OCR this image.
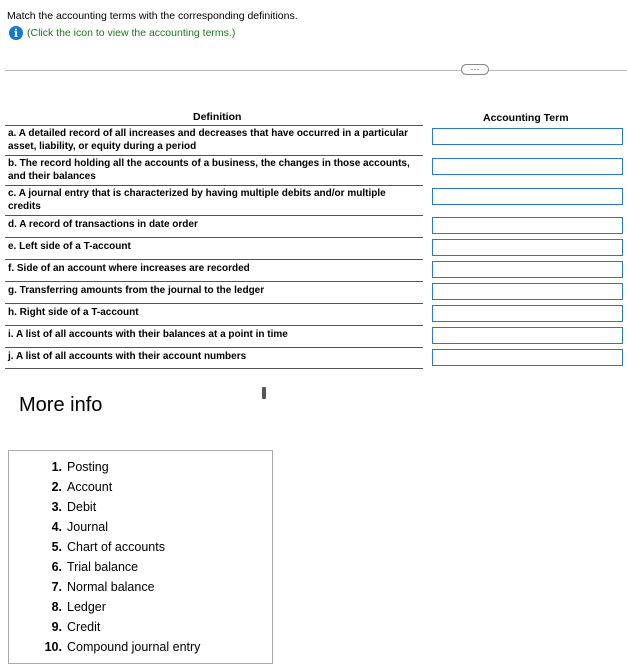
Match the accounting terms with the corresponding definitions.
i (Click the icon to view the accounting terms.)
···
Definition	Accounting Term
a. A detailed record of all increases and decreases that have occurred in a particular asset, liability, or equity during a period
b. The record holding all the accounts of a business, the changes in those accounts, and their balances
c. A journal entry that is characterized by having multiple debits and/or multiple credits
d. A record of transactions in date order
e. Left side of a T-account
f. Side of an account where increases are recorded
g. Transferring amounts from the journal to the ledger
h. Right side of a T-account
i. A list of all accounts with their balances at a point in time
j. A list of all accounts with their account numbers
More info
1. Posting
2. Account
3. Debit
4. Journal
5. Chart of accounts
6. Trial balance
7. Normal balance
8. Ledger
9. Credit
10. Compound journal entry
